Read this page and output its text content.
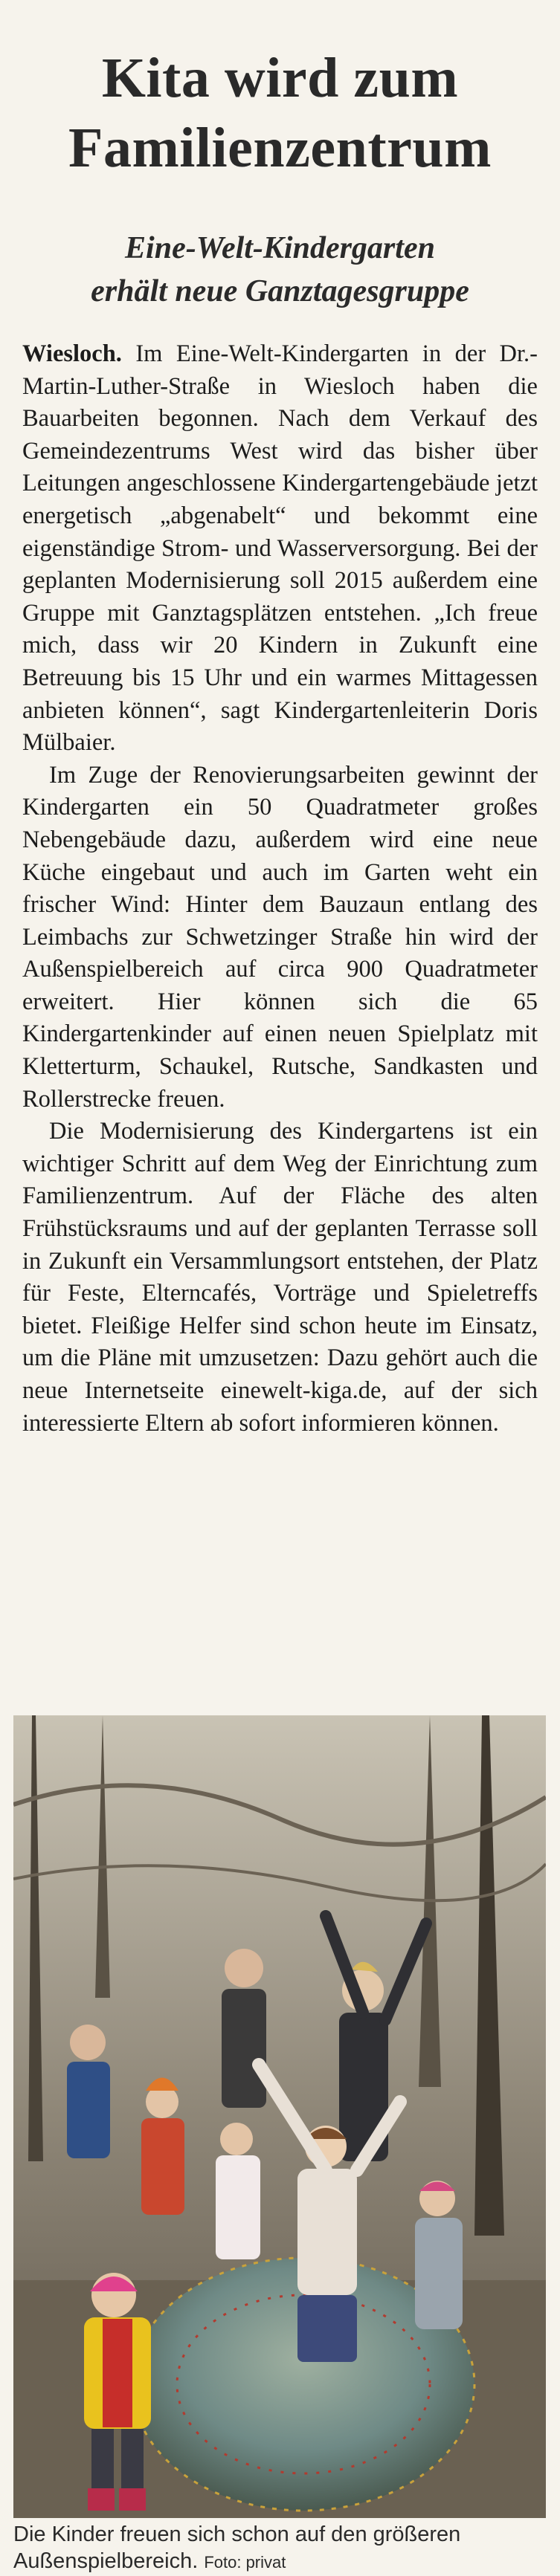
Kita wird zum
Familienzentrum
Eine-Welt-Kindergarten
erhält neue Ganztagesgruppe

Wiesloch. Im Eine-Welt-Kindergarten in der Dr.-Martin-Luther-Straße in Wiesloch haben die Bauarbeiten begonnen. Nach dem Verkauf des Gemeindezentrums West wird das bisher über Leitungen angeschlossene Kindergartengebäude jetzt energetisch „abgenabelt“ und bekommt eine eigenständige Strom- und Wasserversorgung. Bei der geplanten Modernisierung soll 2015 außerdem eine Gruppe mit Ganztagsplätzen entstehen. „Ich freue mich, dass wir 20 Kindern in Zukunft eine Betreuung bis 15 Uhr und ein warmes Mittagessen anbieten können“, sagt Kindergartenleiterin Doris Mülbaier.

Im Zuge der Renovierungsarbeiten gewinnt der Kindergarten ein 50 Quadratmeter großes Nebengebäude dazu, außerdem wird eine neue Küche eingebaut und auch im Garten weht ein frischer Wind: Hinter dem Bauzaun entlang des Leimbachs zur Schwetzinger Straße hin wird der Außenspielbereich auf circa 900 Quadratmeter erweitert. Hier können sich die 65 Kindergartenkinder auf einen neuen Spielplatz mit Kletterturm, Schaukel, Rutsche, Sandkasten und Rollerstrecke freuen.

Die Modernisierung des Kindergartens ist ein wichtiger Schritt auf dem Weg der Einrichtung zum Familienzentrum. Auf der Fläche des alten Frühstücksraums und auf der geplanten Terrasse soll in Zukunft ein Versammlungsort entstehen, der Platz für Feste, Elterncafés, Vorträge und Spieletreffs bietet. Fleißige Helfer sind schon heute im Einsatz, um die Pläne mit umzusetzen: Dazu gehört auch die neue Internetseite einewelt-kiga.de, auf der sich interessierte Eltern ab sofort informieren können.

Die Kinder freuen sich schon auf den größeren Außenspielbereich. Foto: privat
